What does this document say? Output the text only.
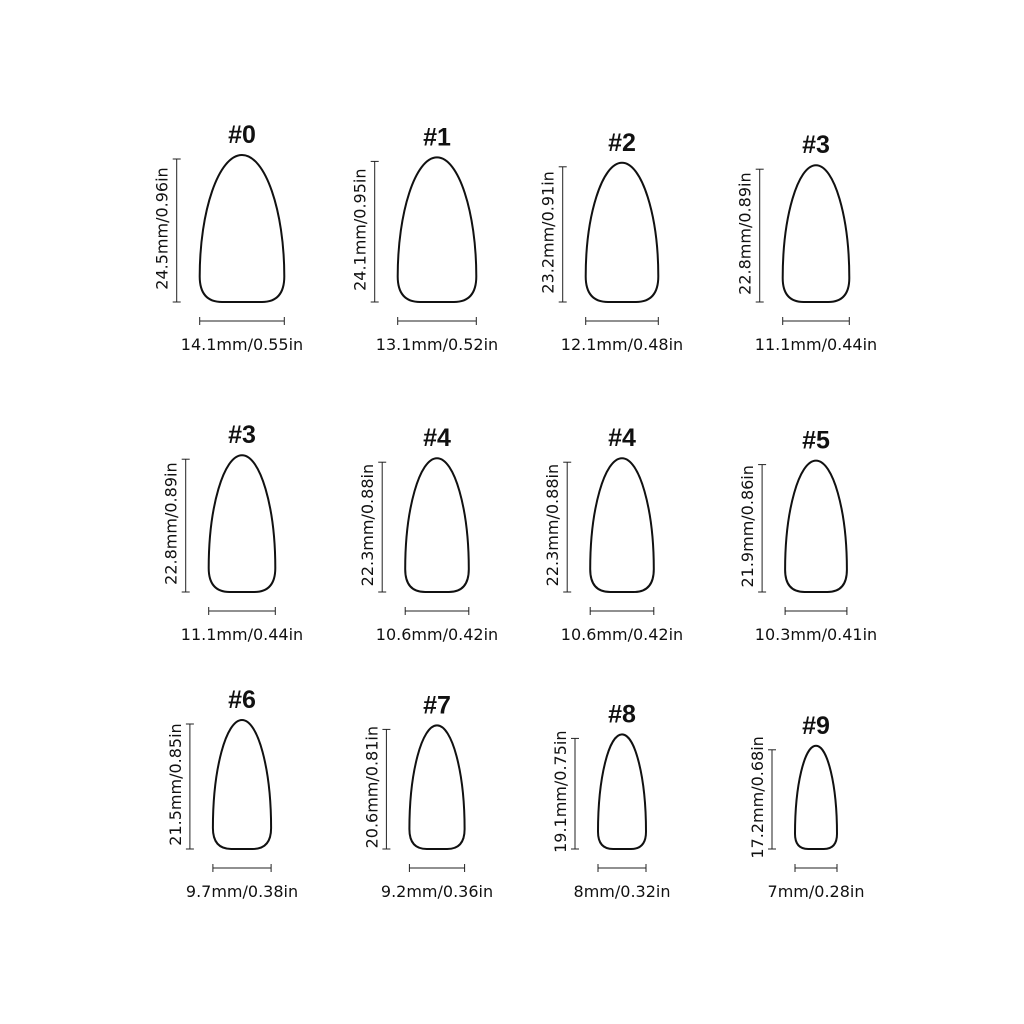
#0
24.5mm/0.96in
14.1mm/0.55in
#1
24.1mm/0.95in
13.1mm/0.52in
#2
23.2mm/0.91in
12.1mm/0.48in
#3
22.8mm/0.89in
11.1mm/0.44in
#3
22.8mm/0.89in
11.1mm/0.44in
#4
22.3mm/0.88in
10.6mm/0.42in
#4
22.3mm/0.88in
10.6mm/0.42in
#5
21.9mm/0.86in
10.3mm/0.41in
#6
21.5mm/0.85in
9.7mm/0.38in
#7
20.6mm/0.81in
9.2mm/0.36in
#8
19.1mm/0.75in
8mm/0.32in
#9
17.2mm/0.68in
7mm/0.28in
